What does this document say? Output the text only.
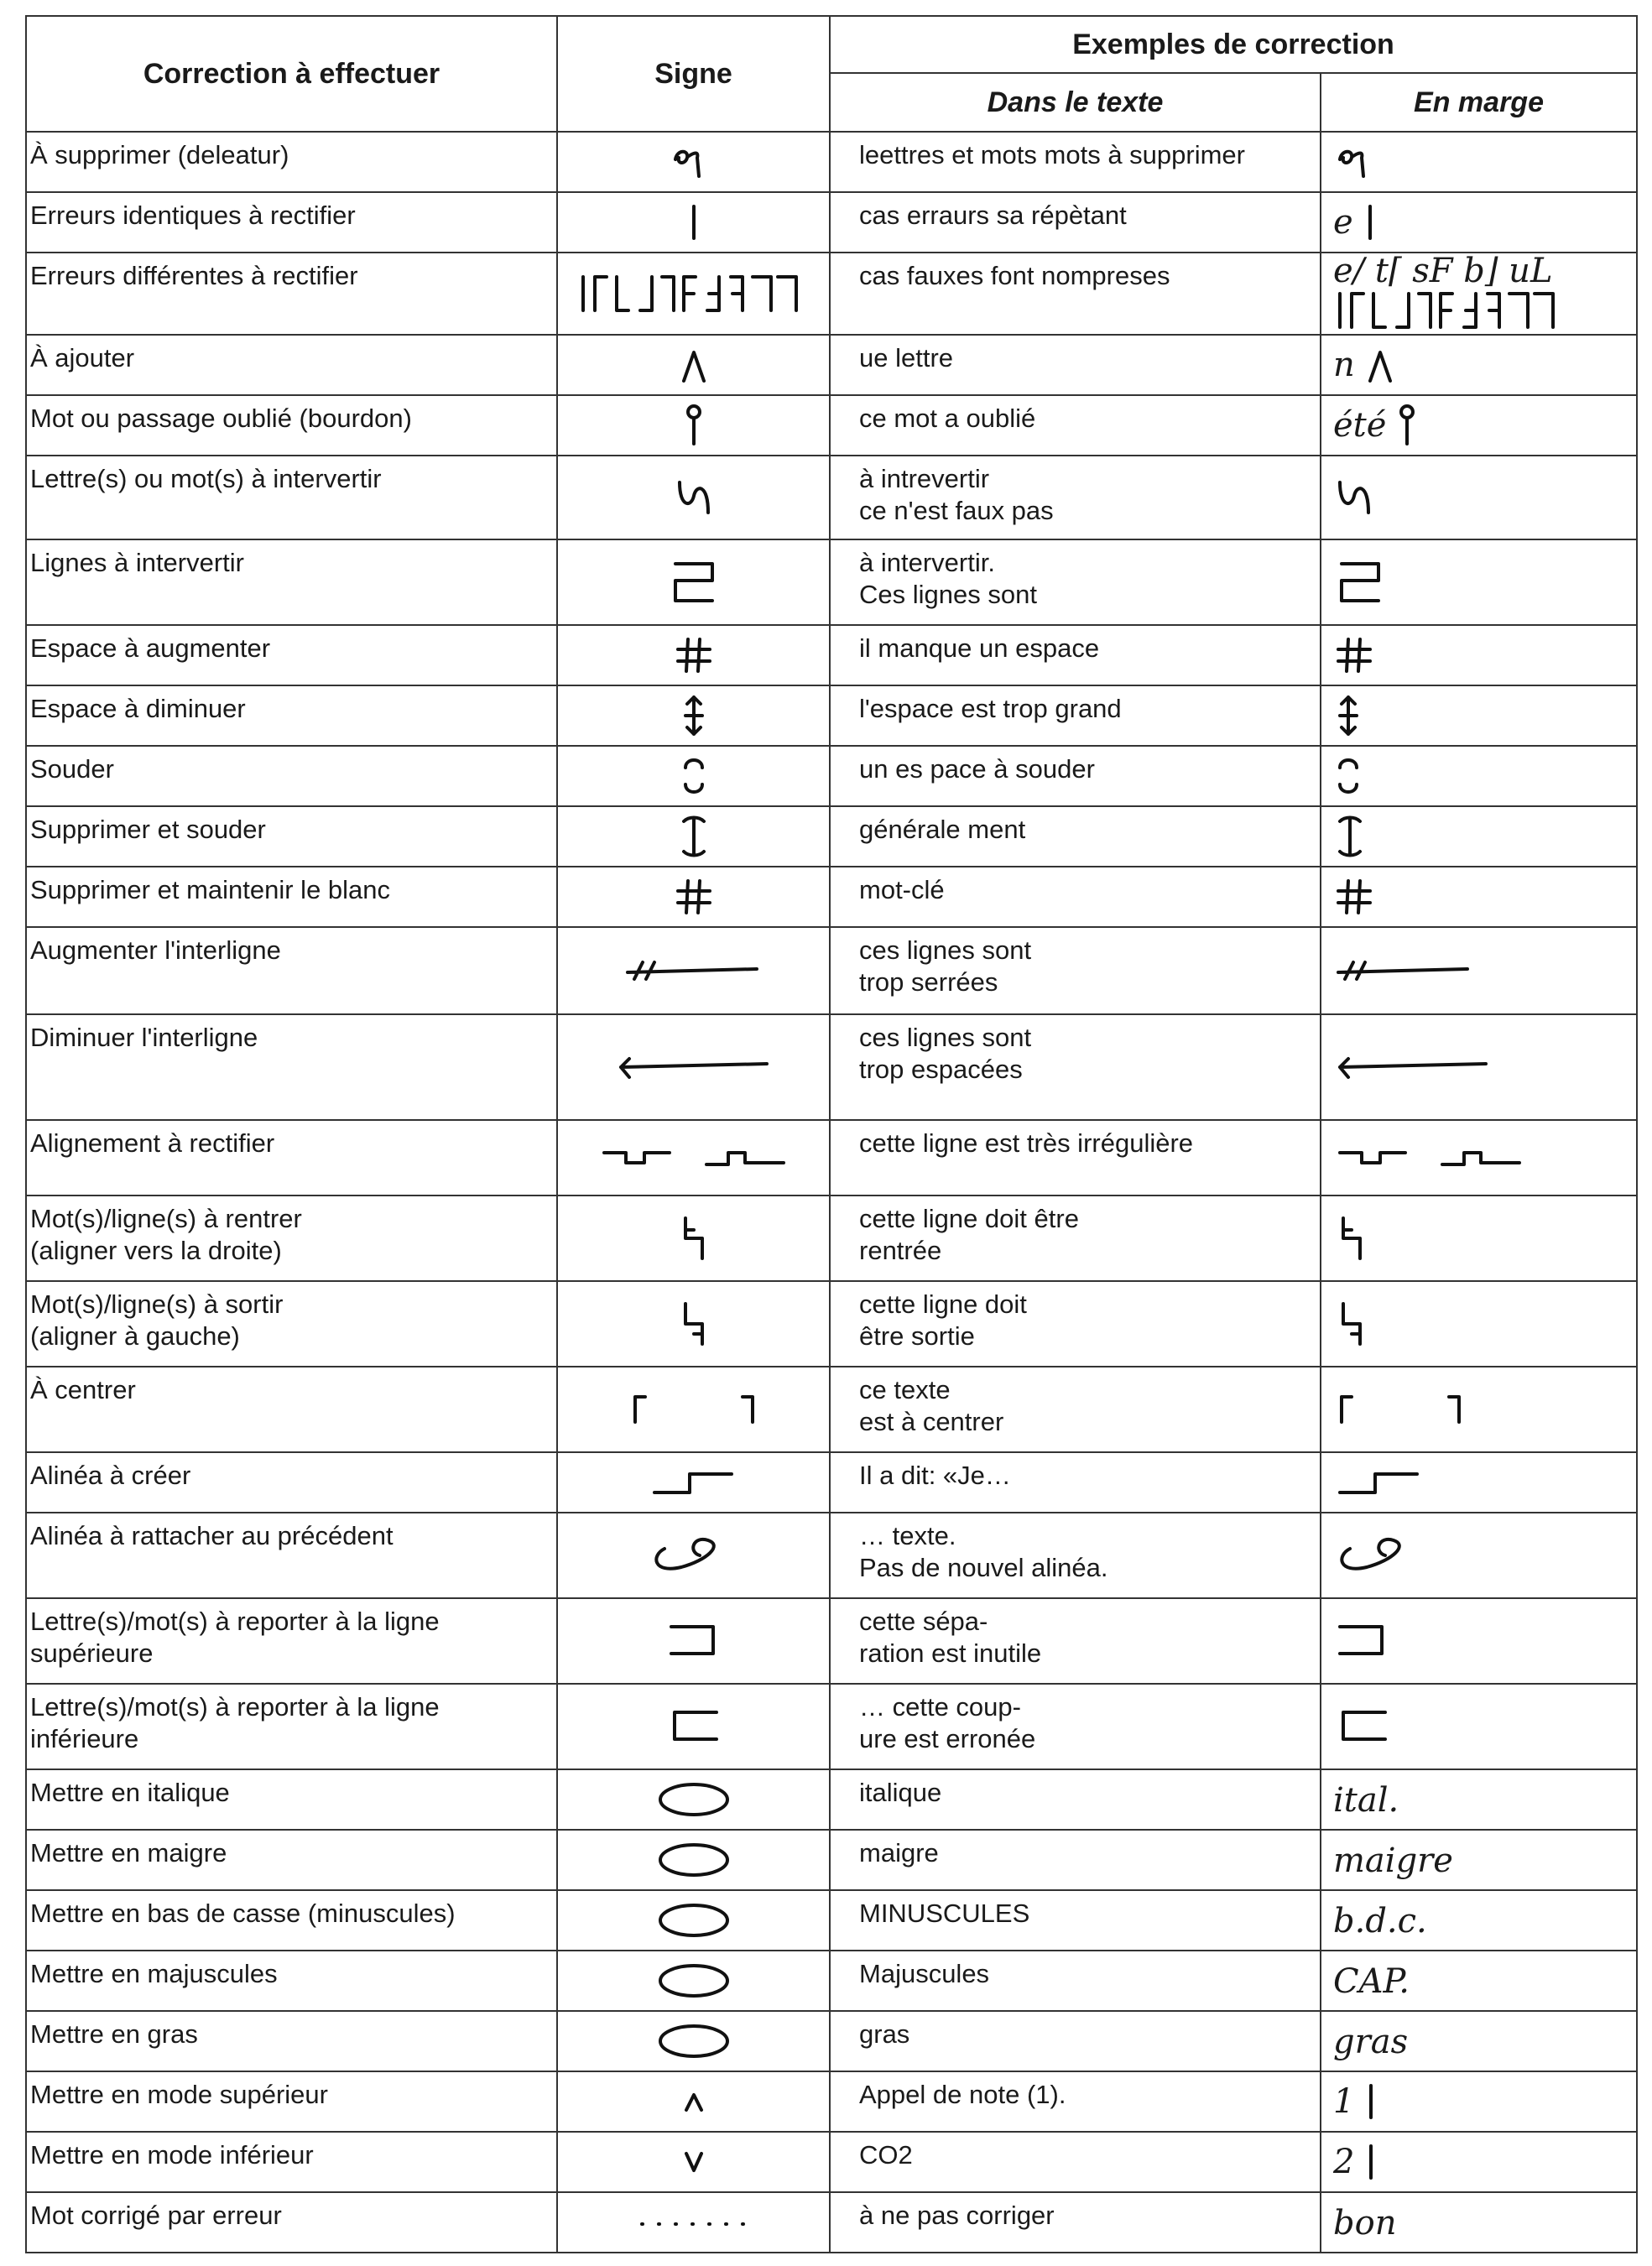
Correction à effectuer	Signe	Exemples de correction	
		Dans le texte	En marge

À supprimer (deleatur)		leettres et mots mots à supprimer

Erreurs identiques à rectifier		cas erraurs sa répètant	e

Erreurs différentes à rectifier		cas fauxes font nompreses	e/ t⌈ sF b⌋ uL

À ajouter		ue lettre	n

Mot ou passage oublié (bourdon)		ce mot a oublié	été

Lettre(s) ou mot(s) à intervertir		à intrevertir
ce n'est faux pas

Lignes à intervertir		à intervertir.
Ces lignes sont

Espace à augmenter		il manque un espace

Espace à diminuer		l'espace est trop grand

Souder		un es pace à souder

Supprimer et souder		générale ment

Supprimer et maintenir le blanc		mot-clé

Augmenter l'interligne		ces lignes sont
trop serrées

Diminuer l'interligne		ces lignes sont
trop espacées

Alignement à rectifier		cette ligne est très irrégulière

Mot(s)/ligne(s) à rentrer
(aligner vers la droite)		cette ligne doit être
rentrée

Mot(s)/ligne(s) à sortir
(aligner à gauche)		cette ligne doit
être sortie

À centrer		ce texte
est à centrer

Alinéa à créer		Il a dit: «Je…

Alinéa à rattacher au précédent		… texte.
Pas de nouvel alinéa.

Lettre(s)/mot(s) à reporter à la ligne
supérieure		cette sépa-
ration est inutile

Lettre(s)/mot(s) à reporter à la ligne
inférieure		… cette coup-
ure est erronée

Mettre en italique		italique	ital.

Mettre en maigre		maigre	maigre

Mettre en bas de casse (minuscules)		MINUSCULES	b.d.c.

Mettre en majuscules		Majuscules	CAP.

Mettre en gras		gras	gras

Mettre en mode supérieur		Appel de note (1).	1

Mettre en mode inférieur		CO2	2

Mot corrigé par erreur		à ne pas corriger	bon
